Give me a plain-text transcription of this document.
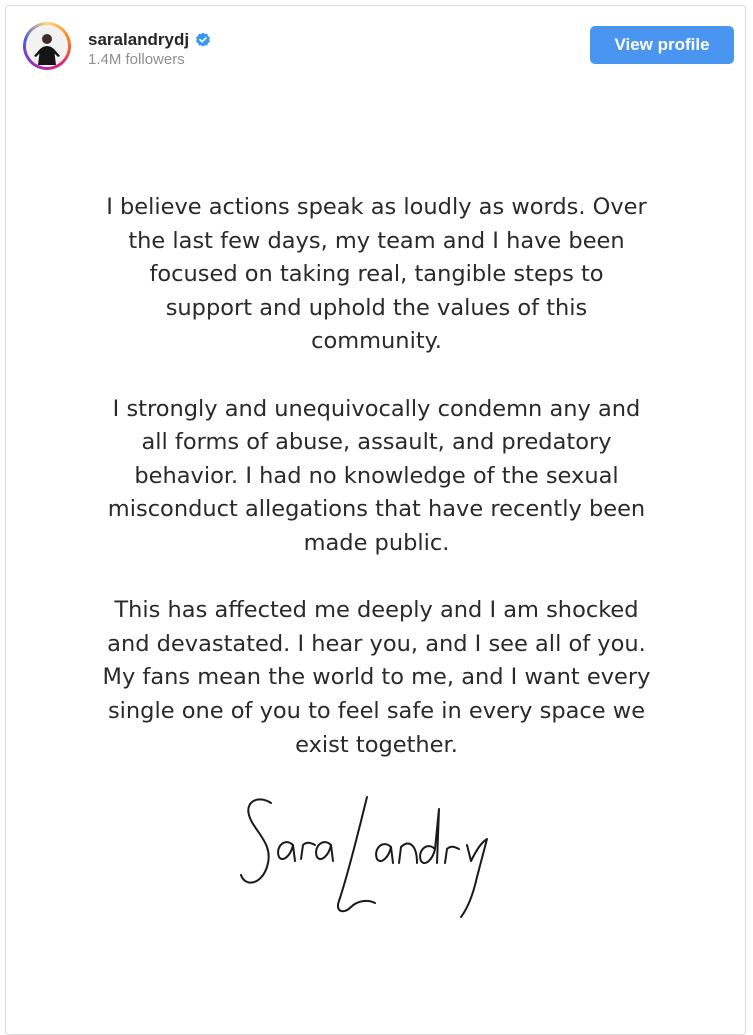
saralandrydj
1.4M followers
View profile

I believe actions speak as loudly as words. Over
the last few days, my team and I have been
focused on taking real, tangible steps to
support and uphold the values of this
community.

I strongly and unequivocally condemn any and
all forms of abuse, assault, and predatory
behavior. I had no knowledge of the sexual
misconduct allegations that have recently been
made public.

This has affected me deeply and I am shocked
and devastated. I hear you, and I see all of you.
My fans mean the world to me, and I want every
single one of you to feel safe in every space we
exist together.
